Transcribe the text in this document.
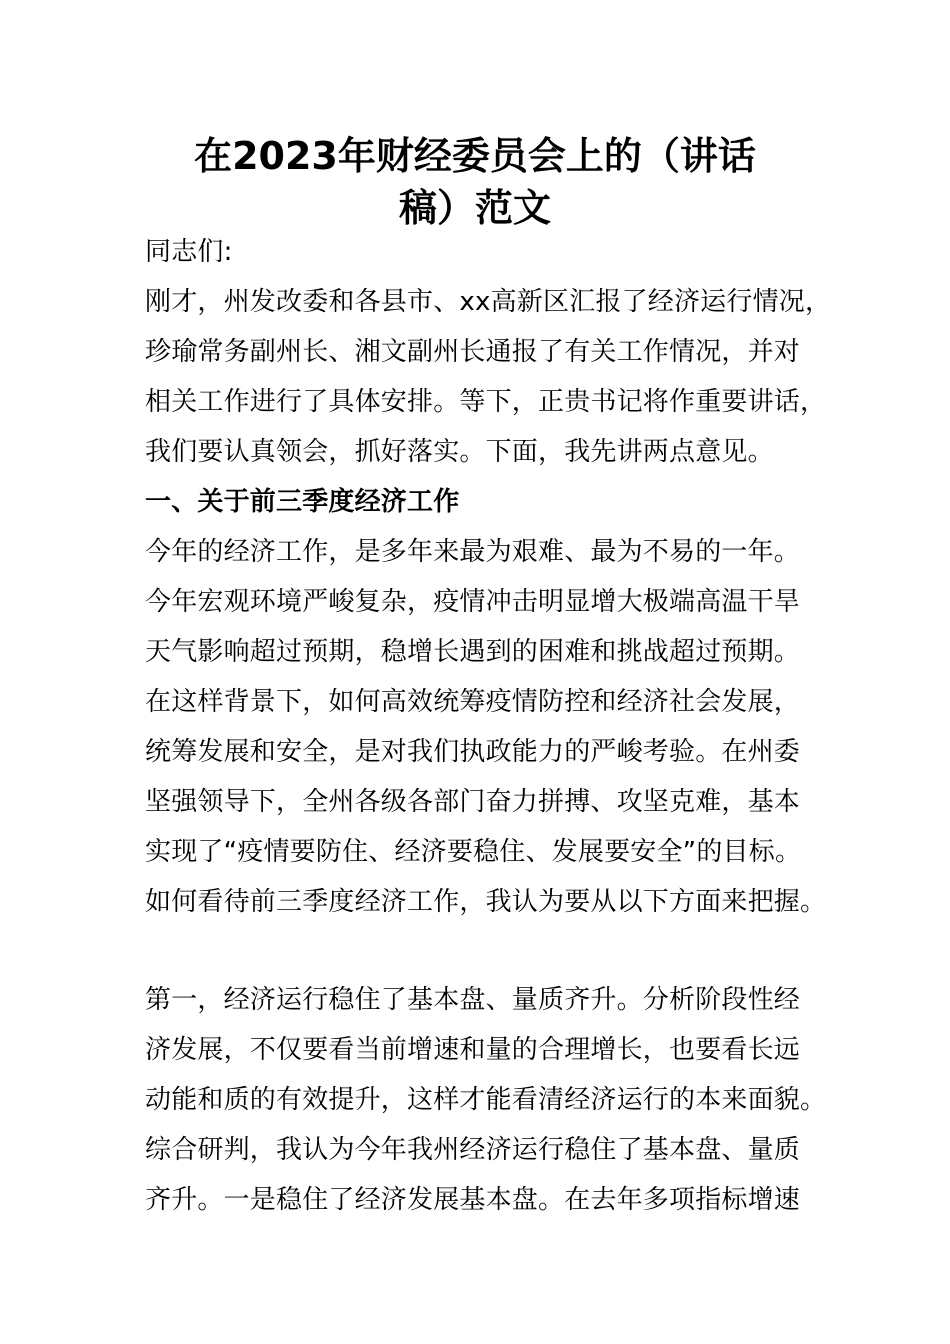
在2023年财经委员会上的（讲话
稿）范文

同志们:

刚才，州发改委和各县市、xx高新区汇报了经济运行情况，

珍瑜常务副州长、湘文副州长通报了有关工作情况，并对

相关工作进行了具体安排。等下，正贵书记将作重要讲话，

我们要认真领会，抓好落实。下面，我先讲两点意见。

一、关于前三季度经济工作

今年的经济工作，是多年来最为艰难、最为不易的一年。

今年宏观环境严峻复杂，疫情冲击明显增大极端高温干旱

天气影响超过预期，稳增长遇到的困难和挑战超过预期。

在这样背景下，如何高效统筹疫情防控和经济社会发展，

统筹发展和安全，是对我们执政能力的严峻考验。在州委

坚强领导下，全州各级各部门奋力拼搏、攻坚克难，基本

实现了“疫情要防住、经济要稳住、发展要安全”的目标。

如何看待前三季度经济工作，我认为要从以下方面来把握。

第一，经济运行稳住了基本盘、量质齐升。分析阶段性经

济发展，不仅要看当前增速和量的合理增长，也要看长远

动能和质的有效提升，这样才能看清经济运行的本来面貌。

综合研判，我认为今年我州经济运行稳住了基本盘、量质

齐升。一是稳住了经济发展基本盘。在去年多项指标增速
